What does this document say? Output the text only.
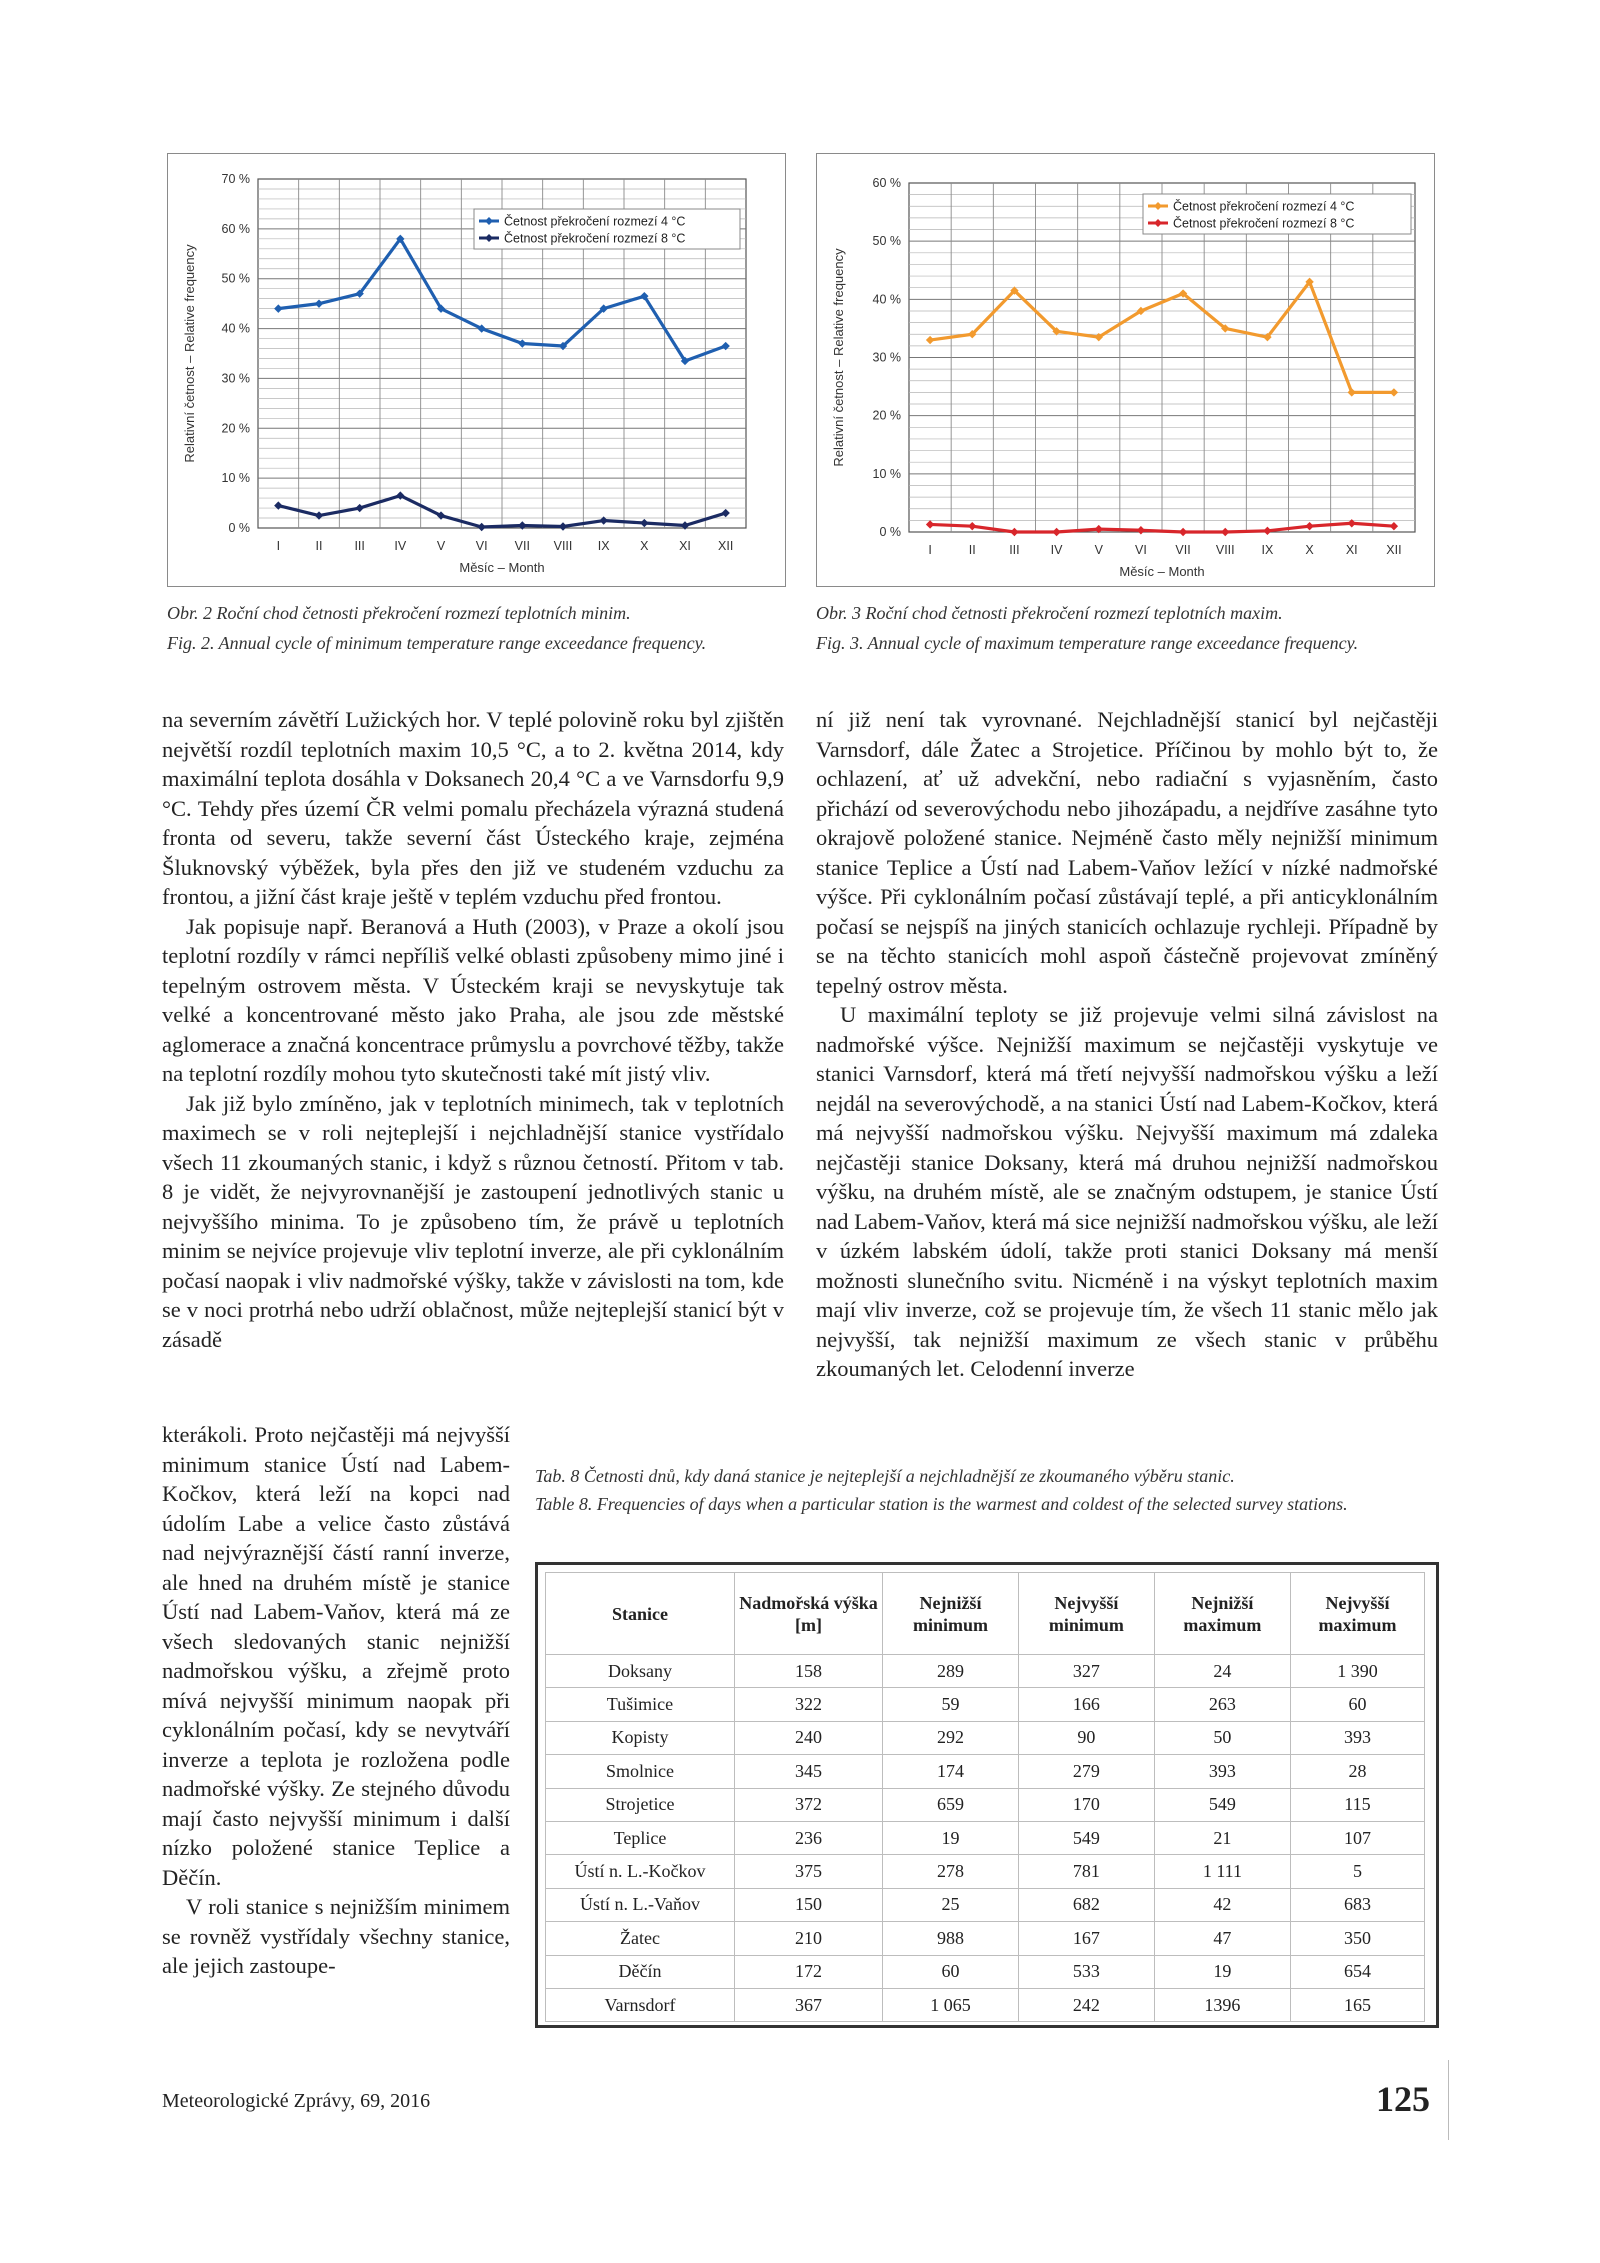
0 %
10 %
20 %
30 %
40 %
50 %
60 %
70 %
I	II	III IV V VI VII VIII IX X XI XII
Měsíc – Month
Relativní četnost – Relative frequency
Četnost překročení rozmezí 4 °C
Četnost překročení rozmezí 8 °C
Obr. 2 Roční chod četnosti překročení rozmezí teplotních minim.
Fig. 2. Annual cycle of minimum temperature range exceedance frequency.
0 %
10 %
20 %
30 %
40 %
50 %
60 %
I	II	III IV	V	VI VII VIII IX	X	XI XII
Měsíc – Month
Relativní četnost – Relative frequency
Četnost překročení rozmezí 4 °C
Četnost překročení rozmezí 8 °C
Obr. 3 Roční chod četnosti překročení rozmezí teplotních maxim.
Fig. 3. Annual cycle of maximum temperature range exceedance frequency.

na severním závětří Lužických hor. V teplé polovině roku byl zjištěn největší rozdíl teplotních maxim 10,5 °C, a to 2. května 2014, kdy maximální teplota dosáhla v Doksanech 20,4 °C a ve Varnsdorfu 9,9 °C. Tehdy přes území ČR velmi pomalu přecházela výrazná studená fronta od severu, takže severní část Ústeckého kraje, zejména Šluknovský výběžek, byla přes den již ve studeném vzduchu za frontou, a jižní část kraje ještě v teplém vzduchu před frontou.

Jak popisuje např. Beranová a Huth (2003), v Praze a okolí jsou teplotní rozdíly v rámci nepříliš velké oblasti způsobeny mimo jiné i tepelným ostrovem města. V Ústeckém kraji se nevyskytuje tak velké a koncentrované město jako Praha, ale jsou zde městské aglomerace a značná koncentrace průmyslu a povrchové těžby, takže na teplotní rozdíly mohou tyto skutečnosti také mít jistý vliv.

Jak již bylo zmíněno, jak v teplotních minimech, tak v teplotních maximech se v roli nejteplejší i nejchladnější stanice vystřídalo všech 11 zkoumaných stanic, i když s různou četností. Přitom v tab. 8 je vidět, že nejvyrovnanější je zastoupení jednotlivých stanic u nejvyššího minima. To je způsobeno tím, že právě u teplotních minim se nejvíce projevuje vliv teplotní inverze, ale při cyklonálním počasí naopak i vliv nadmořské výšky, takže v závislosti na tom, kde se v noci protrhá nebo udrží oblačnost, může nejteplejší stanicí být v zásadě

kterákoli. Proto nejčastěji má nejvyšší minimum stanice Ústí nad Labem-Kočkov, která leží na kopci nad údolím Labe a velice často zůstává nad nejvýraznější částí ranní inverze, ale hned na druhém místě je stanice Ústí nad Labem-Vaňov, která má ze všech sledovaných stanic nejnižší nadmořskou výšku, a zřejmě proto mívá nejvyšší minimum naopak při cyklonálním počasí, kdy se nevytváří inverze a teplota je rozložena podle nadmořské výšky. Ze stejného důvodu mají často nejvyšší minimum i další nízko položené stanice Teplice a Děčín.

V roli stanice s nejnižším minimem se rovněž vystřídaly všechny stanice, ale jejich zastoupe-

ní již není tak vyrovnané. Nejchladnější stanicí byl nejčastěji Varnsdorf, dále Žatec a Strojetice. Příčinou by mohlo být to, že ochlazení, ať už advekční, nebo radiační s vyjasněním, často přichází od severovýchodu nebo jihozápadu, a nejdříve zasáhne tyto okrajově položené stanice. Nejméně často měly nejnižší minimum stanice Teplice a Ústí nad Labem-Vaňov ležící v nízké nadmořské výšce. Při cyklonálním počasí zůstávají teplé, a při anticyklonálním počasí se nejspíš na jiných stanicích ochlazuje rychleji. Případně by se na těchto stanicích mohl aspoň částečně projevovat zmíněný tepelný ostrov města.

U maximální teploty se již projevuje velmi silná závislost na nadmořské výšce. Nejnižší maximum se nejčastěji vyskytuje ve stanici Varnsdorf, která má třetí nejvyšší nadmořskou výšku a leží nejdál na severovýchodě, a na stanici Ústí nad Labem-Kočkov, která má nejvyšší nadmořskou výšku. Nejvyšší maximum má zdaleka nejčastěji stanice Doksany, která má druhou nejnižší nadmořskou výšku, na druhém místě, ale se značným odstupem, je stanice Ústí nad Labem-Vaňov, která má sice nejnižší nadmořskou výšku, ale leží v úzkém labském údolí, takže proti stanici Doksany má menší možnosti slunečního svitu. Nicméně i na výskyt teplotních maxim mají vliv inverze, což se projevuje tím, že všech 11 stanic mělo jak nejvyšší, tak nejnižší maximum ze všech stanic v průběhu zkoumaných let. Celodenní inverze

Tab. 8 Četnosti dnů, kdy daná stanice je nejteplejší a nejchladnější ze zkoumaného výběru stanic.
Table 8. Frequencies of days when a particular station is the warmest and coldest of the selected survey stations.
Stanice	Nadmořská výška [m]	Nejnižší minimum	Nejvyšší minimum	Nejnižší maximum	Nejvyšší maximum
Doksany	158	289	327	24	1 390
Tušimice	322	59	166	263	60
Kopisty	240	292	90	50	393
Smolnice	345	174	279	393	28
Strojetice	372	659	170	549	115
Teplice	236	19	549	21	107
Ústí n. L.-Kočkov	375	278	781	1 111	5
Ústí n. L.-Vaňov	150	25	682	42	683
Žatec	210	988	167	47	350
Děčín	172	60	533	19	654
Varnsdorf	367	1 065	242	1396	165
Meteorologické Zprávy, 69, 2016	125
